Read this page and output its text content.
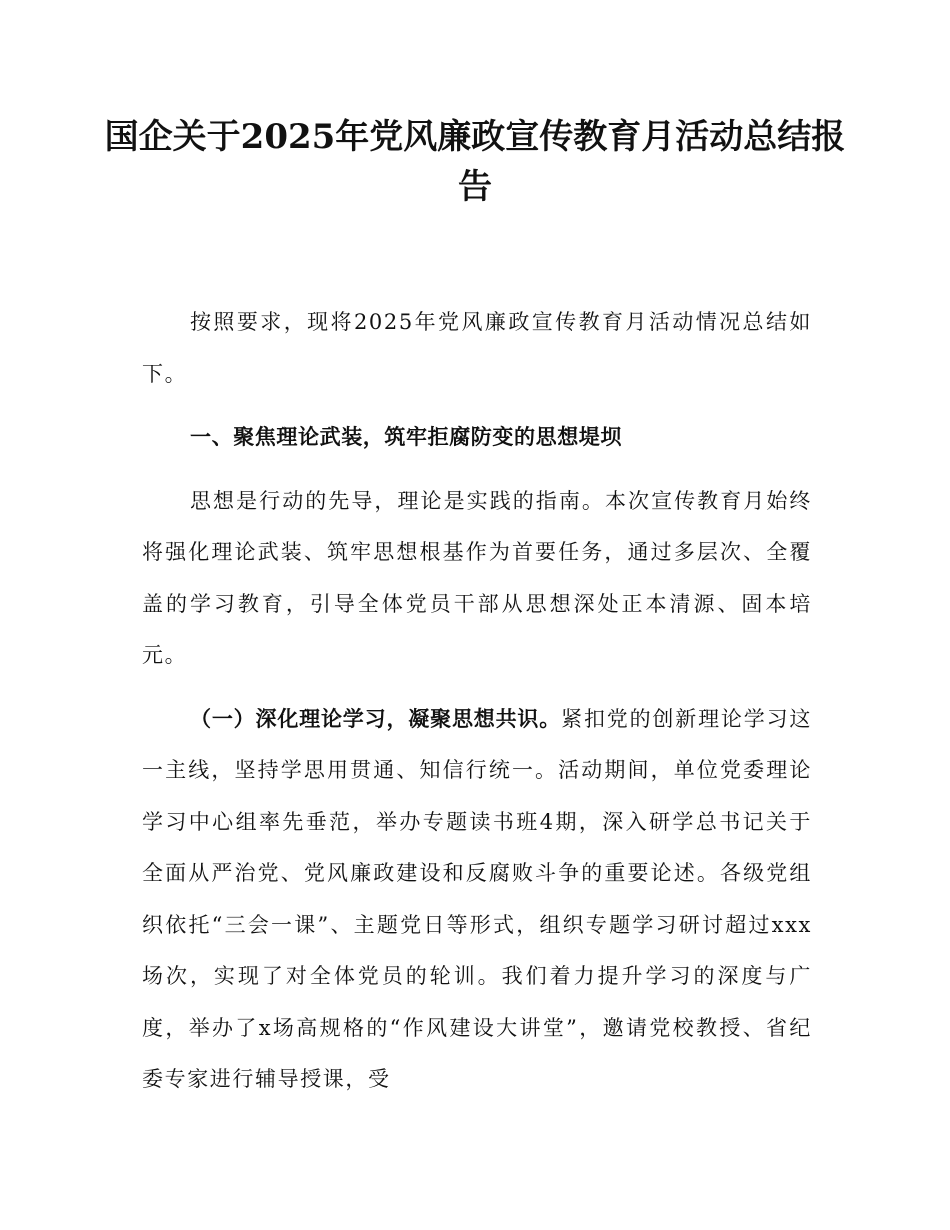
国企关于2025年党风廉政宣传教育月活动总结报告

按照要求，现将2025年党风廉政宣传教育月活动情况总结如下。

一、聚焦理论武装，筑牢拒腐防变的思想堤坝

思想是行动的先导，理论是实践的指南。本次宣传教育月始终将强化理论武装、筑牢思想根基作为首要任务，通过多层次、全覆盖的学习教育，引导全体党员干部从思想深处正本清源、固本培元。

（一）深化理论学习，凝聚思想共识。紧扣党的创新理论学习这一主线，坚持学思用贯通、知信行统一。活动期间，单位党委理论学习中心组率先垂范，举办专题读书班4期，深入研学总书记关于全面从严治党、党风廉政建设和反腐败斗争的重要论述。各级党组织依托“三会一课”、主题党日等形式，组织专题学习研讨超过xxx场次，实现了对全体党员的轮训。我们着力提升学习的深度与广度，举办了x场高规格的“作风建设大讲堂”，邀请党校教授、省纪委专家进行辅导授课，受
